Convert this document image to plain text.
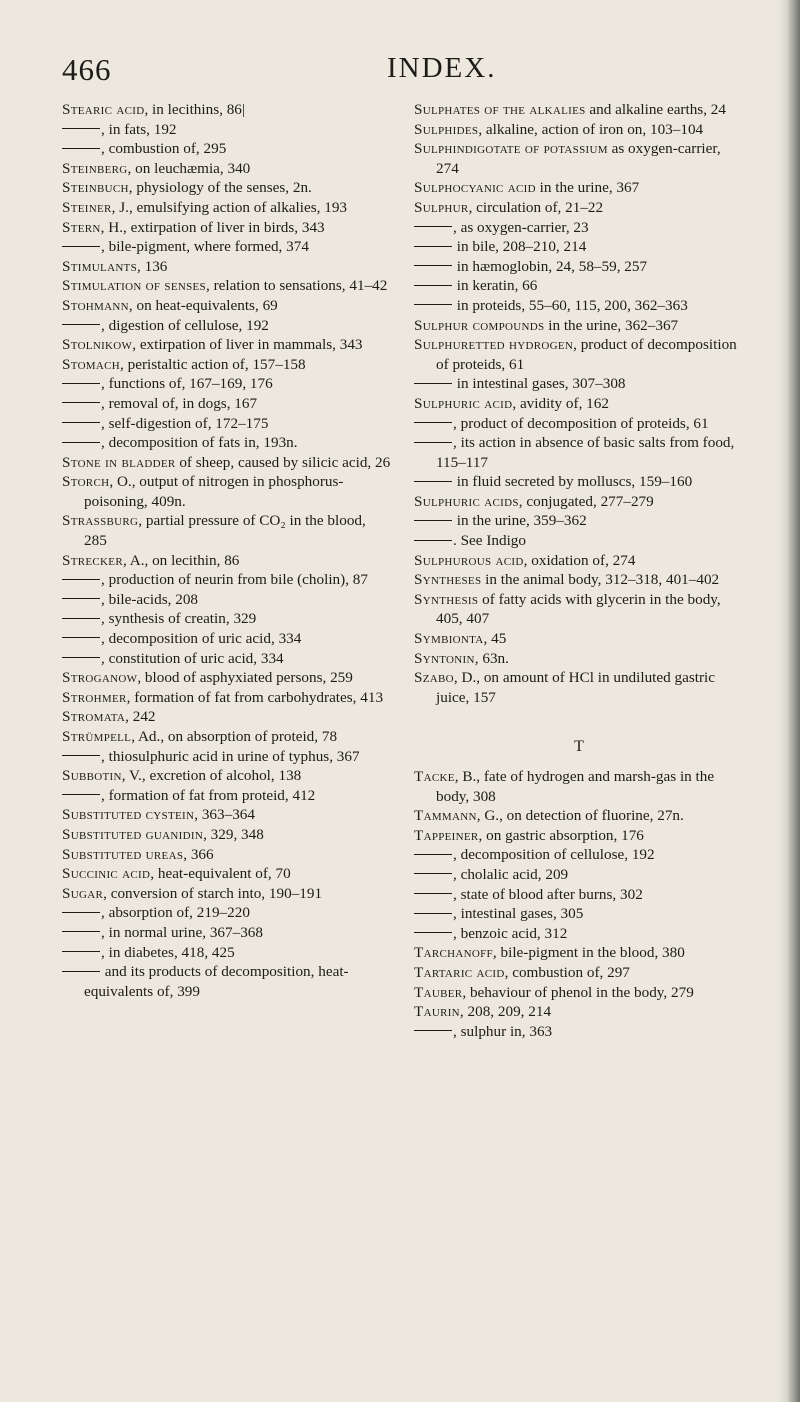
466	INDEX.

Stearic acid, in lecithins, 86|

, in fats, 192

, combustion of, 295

Steinberg, on leuchæmia, 340

Steinbuch, physiology of the senses, 2n.

Steiner, J., emulsifying action of alkalies, 193

Stern, H., extirpation of liver in birds, 343

, bile-pigment, where formed, 374

Stimulants, 136

Stimulation of senses, relation to sensations, 41–42

Stohmann, on heat-equivalents, 69

, digestion of cellulose, 192

Stolnikow, extirpation of liver in mammals, 343

Stomach, peristaltic action of, 157–158

, functions of, 167–169, 176

, removal of, in dogs, 167

, self-digestion of, 172–175

, decomposition of fats in, 193n.

Stone in bladder of sheep, caused by silicic acid, 26

Storch, O., output of nitrogen in phosphorus-poisoning, 409n.

Strassburg, partial pressure of CO₂ in the blood, 285

Strecker, A., on lecithin, 86

, production of neurin from bile (cholin), 87

, bile-acids, 208

, synthesis of creatin, 329

, decomposition of uric acid, 334

, constitution of uric acid, 334

Stroganow, blood of asphyxiated persons, 259

Strohmer, formation of fat from carbohydrates, 413

Stromata, 242

Strümpell, Ad., on absorption of proteid, 78

, thiosulphuric acid in urine of typhus, 367

Subbotin, V., excretion of alcohol, 138

, formation of fat from proteid, 412

Substituted cystein, 363–364

Substituted guanidin, 329, 348

Substituted ureas, 366

Succinic acid, heat-equivalent of, 70

Sugar, conversion of starch into, 190–191

, absorption of, 219–220

, in normal urine, 367–368

, in diabetes, 418, 425

and its products of decomposition, heat-equivalents of, 399

Sulphates of the alkalies and alkaline earths, 24

Sulphides, alkaline, action of iron on, 103–104

Sulphindigotate of potassium as oxygen-carrier, 274

Sulphocyanic acid in the urine, 367

Sulphur, circulation of, 21–22

, as oxygen-carrier, 23

in bile, 208–210, 214

in hæmoglobin, 24, 58–59, 257

in keratin, 66

in proteids, 55–60, 115, 200, 362–363

Sulphur compounds in the urine, 362–367

Sulphuretted hydrogen, product of decomposition of proteids, 61

in intestinal gases, 307–308

Sulphuric acid, avidity of, 162

, product of decomposition of proteids, 61

, its action in absence of basic salts from food, 115–117

in fluid secreted by molluscs, 159–160

Sulphuric acids, conjugated, 277–279

in the urine, 359–362

. See Indigo

Sulphurous acid, oxidation of, 274

Syntheses in the animal body, 312–318, 401–402

Synthesis of fatty acids with glycerin in the body, 405, 407

Symbionta, 45

Syntonin, 63n.

Szabo, D., on amount of HCl in undiluted gastric juice, 157

T

Tacke, B., fate of hydrogen and marsh-gas in the body, 308

Tammann, G., on detection of fluorine, 27n.

Tappeiner, on gastric absorption, 176

, decomposition of cellulose, 192

, cholalic acid, 209

, state of blood after burns, 302

, intestinal gases, 305

, benzoic acid, 312

Tarchanoff, bile-pigment in the blood, 380

Tartaric acid, combustion of, 297

Tauber, behaviour of phenol in the body, 279

Taurin, 208, 209, 214

, sulphur in, 363
